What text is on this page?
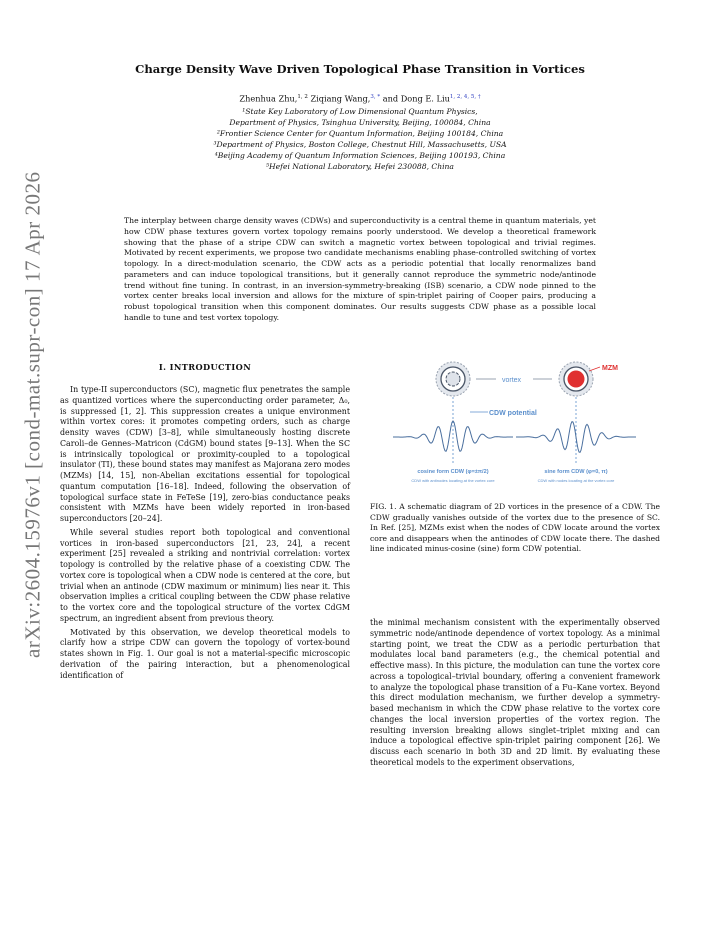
arXiv:2604.15976v1 [cond-mat.supr-con] 17 Apr 2026
Charge Density Wave Driven Topological Phase Transition in Vortices
Zhenhua Zhu,$^{1, 2}$ Ziqiang Wang,$^{3, *}$ and Dong E. Liu$^{1, 2, 4, 5, \dagger}$
¹State Key Laboratory of Low Dimensional Quantum Physics,
Department of Physics, Tsinghua University, Beijing, 100084, China
²Frontier Science Center for Quantum Information, Beijing 100184, China
³Department of Physics, Boston College, Chestnut Hill, Massachusetts, USA
⁴Beijing Academy of Quantum Information Sciences, Beijing 100193, China
⁵Hefei National Laboratory, Hefei 230088, China
The interplay between charge density waves (CDWs) and superconductivity is a central theme in quantum materials, yet how CDW phase textures govern vortex topology remains poorly understood. We develop a theoretical framework showing that the phase of a stripe CDW can switch a magnetic vortex between topological and trivial regimes. Motivated by recent experiments, we propose two candidate mechanisms enabling phase-controlled switching of vortex topology. In a direct-modulation scenario, the CDW acts as a periodic potential that locally renormalizes band parameters and can induce topological transitions, but it generally cannot reproduce the symmetric node/antinode trend without fine tuning. In contrast, in an inversion-symmetry-breaking (ISB) scenario, a CDW node pinned to the vortex center breaks local inversion and allows for the mixture of spin-triplet pairing of Cooper pairs, producing a robust topological transition when this component dominates. Our results suggests CDW phase as a possible local handle to tune and test vortex topology.
I. INTRODUCTION

In type-II superconductors (SC), magnetic flux penetrates the sample as quantized vortices where the superconducting order parameter, Δ₀, is suppressed [1, 2]. This suppression creates a unique environment within vortex cores: it promotes competing orders, such as charge density waves (CDW) [3–8], while simultaneously hosting discrete Caroli–de Gennes–Matricon (CdGM) bound states [9–13]. When the SC is intrinsically topological or proximity-coupled to a topological insulator (TI), these bound states may manifest as Majorana zero modes (MZMs) [14, 15], non-Abelian excitations essential for topological quantum computation [16–18]. Indeed, following the observation of topological surface state in FeTeSe [19], zero-bias conductance peaks consistent with MZMs have been widely reported in iron-based superconductors [20–24].

While several studies report both topological and conventional vortices in iron-based superconductors [21, 23, 24], a recent experiment [25] revealed a striking and nontrivial correlation: vortex topology is controlled by the relative phase of a coexisting CDW. The vortex core is topological when a CDW node is centered at the core, but trivial when an antinode (CDW maximum or minimum) lies near it. This observation implies a critical coupling between the CDW phase relative to the vortex core and the topological structure of the vortex CdGM spectrum, an ingredient absent from previous theory.

Motivated by this observation, we develop theoretical models to clarify how a stripe CDW can govern the topology of vortex-bound states shown in Fig. 1. Our goal is not a material-specific microscopic derivation of the pairing interaction, but a phenomenological identification of

vortex
MZM
CDW potential
cosine form CDW (φ=±π/2)
CDW with antinodes locating at the vortex core
sine form CDW (φ=0, π)
CDW with nodes locating at the vortex core
FIG. 1. A schematic diagram of 2D vortices in the presence of a CDW. The CDW gradually vanishes outside of the vortex due to the presence of SC. In Ref. [25], MZMs exist when the nodes of CDW locate around the vortex core and disappears when the antinodes of CDW locate there. The dashed line indicated minus-cosine (sine) form CDW potential.

the minimal mechanism consistent with the experimentally observed symmetric node/antinode dependence of vortex topology. As a minimal starting point, we treat the CDW as a periodic perturbation that modulates local band parameters (e.g., the chemical potential and effective mass). In this picture, the modulation can tune the vortex core across a topological–trivial boundary, offering a convenient framework to analyze the topological phase transition of a Fu–Kane vortex. Beyond this direct modulation mechanism, we further develop a symmetry-based mechanism in which the CDW phase relative to the vortex core changes the local inversion properties of the vortex region. The resulting inversion breaking allows singlet–triplet mixing and can induce a topological effective spin-triplet pairing component [26]. We discuss each scenario in both 3D and 2D limit. By evaluating these theoretical models to the experiment observations,
